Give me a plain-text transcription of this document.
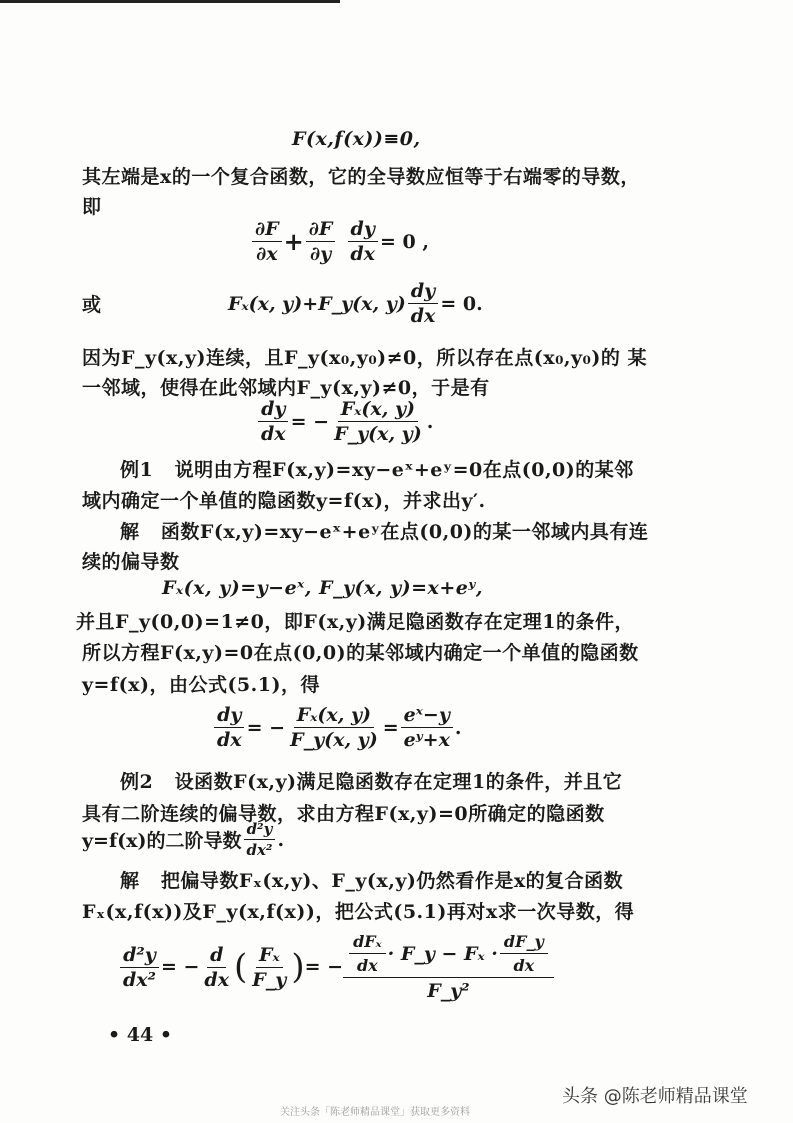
F(x,f(x))≡0,
其左端是x的一个复合函数，它的全导数应恒等于右端零的导数，
即
$\frac{\partial F}{\partial x} + \frac{\partial F}{\partial y} \frac{dy}{dx} = 0$ ,
或	Fₓ(x, y)+F_y(x, $y) \frac{dy}{dx} = 0$.
因为F_y(x,y)连续，且F_y(x₀,y₀)≠0，所以存在点(x₀,y₀)的 某
一邻域，使得在此邻域内F_y(x,y)≠0，于是有
$\frac{dy}{dx}$ = − $\frac{\text{Fₓ(x, y)}}{F\_y(x, y)}$ .
例1 说明由方程F(x,y)=xy−eˣ+eʸ=0在点(0,0)的某邻
域内确定一个单值的隐函数y=f(x)，并求出y′.
解 函数F(x,y)=xy−eˣ+eʸ在点(0,0)的某一邻域内具有连
续的偏导数
Fₓ(x, y)=y−eˣ, F_y(x, y)=x+eʸ,
并且F_y(0,0)=1≠0，即F(x,y)满足隐函数存在定理1的条件，
所以方程F(x,y)=0在点(0,0)的某邻域内确定一个单值的隐函数
y=f(x)，由公式(5.1)，得
$\frac{dy}{dx}$ = − $\frac{\text{Fₓ(x, y)}}{F\_y(x, y)} = \frac{\text{eˣ−y}}{\text{eʸ+x}}$ .
例2 设函数F(x,y)满足隐函数存在定理1的条件，并且它
具有二阶连续的偏导数，求由方程F(x,y)=0所确定的隐函数
y=f(x)的二阶导数 $\frac{\text{d²y}}{\text{dx²}}$ .
解 把偏导数Fₓ(x,y)、F_y(x,y)仍然看作是x的复合函数
Fₓ(x,f(x))及F_y(x,f(x))，把公式(5.1)再对x求一次导数，得
$\frac{\text{d²y}}{\text{dx²}}$ = − $\frac{d}{dx}$ ( $\frac{\text{Fₓ}}{F\_y}$ ) = − $\frac{\frac{\text{dFₓ}}{dx} \cdot F\_y - F_x \cdot \frac{dF\_y}{dx}}{\text{F\_y²}}$
• 44 •
头条 @陈老师精品课堂
关注头条「陈老师精品课堂」获取更多资料
